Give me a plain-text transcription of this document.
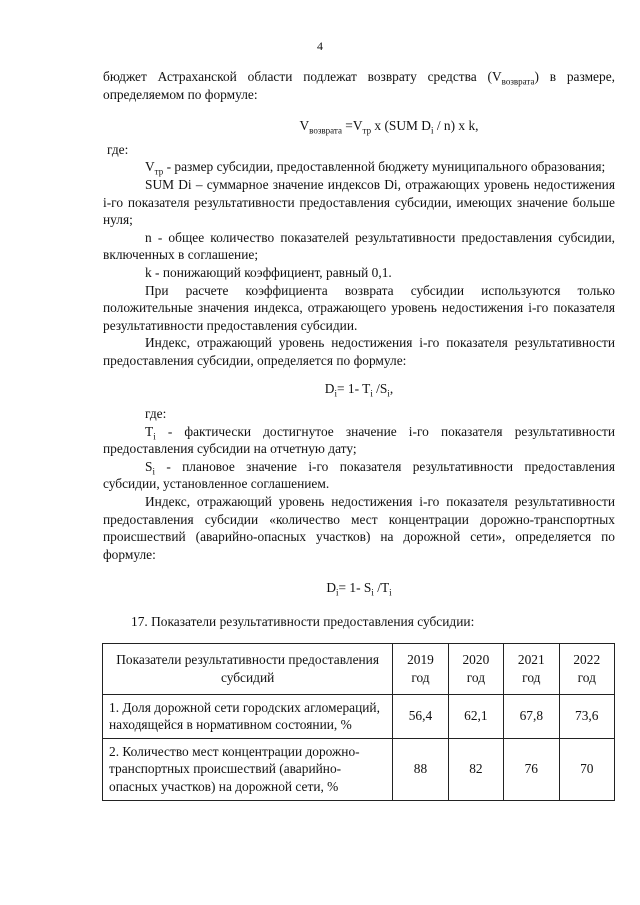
4

бюджет Астраханской области подлежат возврату средства $(V_{возврата})$ в размере, определяемом по формуле:

$V_{возврата} =V_{тр}$ x (SUM $D_i / n$) x k,

где:

$V_{тр}$ - размер субсидии, предоставленной бюджету муниципального образования;

SUM Di – суммарное значение индексов Di, отражающих уровень недостижения i-го показателя результативности предоставления субсидии, имеющих значение больше нуля;

n - общее количество показателей результативности предоставления субсидии, включенных в соглашение;

k - понижающий коэффициент, равный 0,1.

При расчете коэффициента возврата субсидии используются только положительные значения индекса, отражающего уровень недостижения i-го показателя результативности предоставления субсидии.

Индекс, отражающий уровень недостижения i-го показателя результативности предоставления субсидии, определяется по формуле:

$D_i= 1-$ $T_i$ $/S_i$,

где:

$T_i$ - фактически достигнутое значение i-го показателя результативности предоставления субсидии на отчетную дату;

$S_i$ - плановое значение i-го показателя результативности предоставления субсидии, установленное соглашением.

Индекс, отражающий уровень недостижения i-го показателя результативности предоставления субсидии «количество мест концентрации дорожно-транспортных происшествий (аварийно-опасных участков) на дорожной сети», определяется по формуле:

$D_i= 1-$ $S_i$ $/T_i$

17. Показатели результативности предоставления субсидии:

Показатели результативности предоставления субсидий	2019 год	2020 год	2021 год	2022 год
1. Доля дорожной сети городских агломераций, находящейся в нормативном состоянии, %	56,4	62,1	67,8	73,6
2. Количество мест концентрации дорожно-транспортных происшествий (аварийно-опасных участков) на дорожной сети, %	88	82	76	70
